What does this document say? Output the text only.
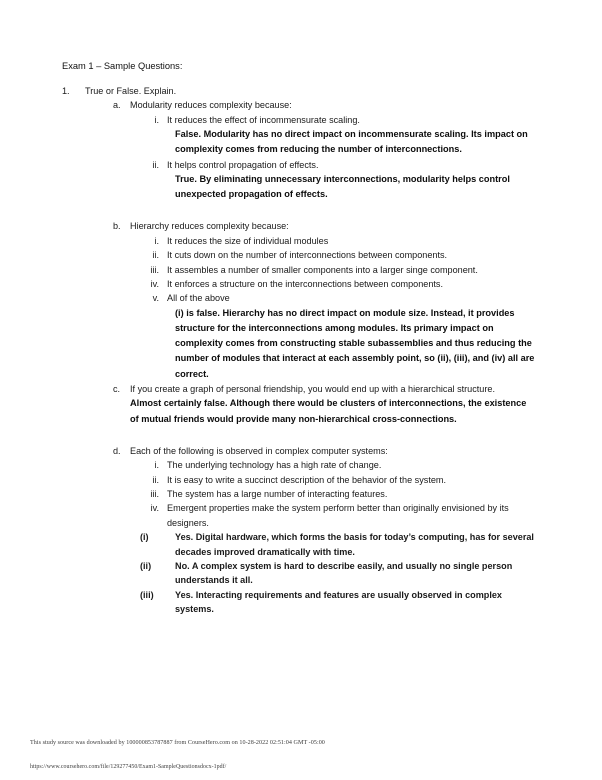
Exam 1 – Sample Questions:
1.	True or False. Explain.
a.	Modularity reduces complexity because:
i. It reduces the effect of incommensurate scaling.
False. Modularity has no direct impact on incommensurate scaling. Its impact on complexity comes from reducing the number of interconnections.
ii. It helps control propagation of effects.
True. By eliminating unnecessary interconnections, modularity helps control unexpected propagation of effects.
b.	Hierarchy reduces complexity because:
i. It reduces the size of individual modules
ii. It cuts down on the number of interconnections between components.
iii. It assembles a number of smaller components into a larger singe component.
iv. It enforces a structure on the interconnections between components.
v. All of the above
(i) is false. Hierarchy has no direct impact on module size. Instead, it provides structure for the interconnections among modules. Its primary impact on complexity comes from constructing stable subassemblies and thus reducing the number of modules that interact at each assembly point, so (ii), (iii), and (iv) all are correct.
c.	If you create a graph of personal friendship, you would end up with a hierarchical structure.
Almost certainly false. Although there would be clusters of interconnections, the existence of mutual friends would provide many non-hierarchical cross-connections.
d.	Each of the following is observed in complex computer systems:
i. The underlying technology has a high rate of change.
ii. It is easy to write a succinct description of the behavior of the system.
iii. The system has a large number of interacting features.
iv. Emergent properties make the system perform better than originally envisioned by its designers.
(i)	Yes. Digital hardware, which forms the basis for today’s computing, has for several decades improved dramatically with time.
(ii)	No. A complex system is hard to describe easily, and usually no single person understands it all.
(iii)	Yes. Interacting requirements and features are usually observed in complex systems.
This study source was downloaded by 100000853787887 from CourseHero.com on 10-28-2022 02:51:04 GMT -05:00
https://www.coursehero.com/file/129277450/Exam1-SampleQuestionsdocx-1pdf/
